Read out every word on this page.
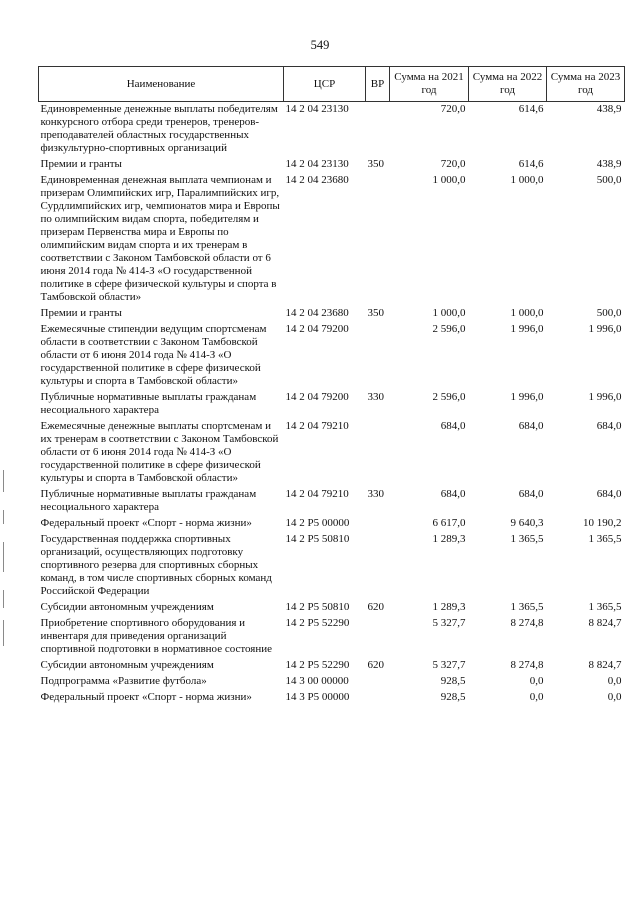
549
Наименование	ЦСР	ВР	Сумма на 2021 год	Сумма на 2022 год	Сумма на 2023 год
Единовременные денежные выплаты победителям конкурсного отбора среди тренеров, тренеров-преподавателей областных государственных физкультурно-спортивных организаций	14 2 04 23130		720,0	614,6	438,9
Премии и гранты	14 2 04 23130	350	720,0	614,6	438,9
Единовременная денежная выплата чемпионам и призерам Олимпийских игр, Паралимпийских игр, Сурдлимпийских игр, чемпионатов мира и Европы по олимпийским видам спорта, победителям и призерам Первенства мира и Европы по олимпийским видам спорта и их тренерам в соответствии с Законом Тамбовской области от 6 июня 2014 года № 414-З «О государственной политике в сфере физической культуры и спорта в Тамбовской области»	14 2 04 23680		1 000,0	1 000,0	500,0
Премии и гранты	14 2 04 23680	350	1 000,0	1 000,0	500,0
Ежемесячные стипендии ведущим спортсменам области в соответствии с Законом Тамбовской области от 6 июня 2014 года № 414-З «О государственной политике в сфере физической культуры и спорта в Тамбовской области»	14 2 04 79200		2 596,0	1 996,0	1 996,0
Публичные нормативные выплаты гражданам несоциального характера	14 2 04 79200	330	2 596,0	1 996,0	1 996,0
Ежемесячные денежные выплаты спортсменам и их тренерам в соответствии с Законом Тамбовской области от 6 июня 2014 года № 414-З «О государственной политике в сфере физической культуры и спорта в Тамбовской области»	14 2 04 79210		684,0	684,0	684,0
Публичные нормативные выплаты гражданам несоциального характера	14 2 04 79210	330	684,0	684,0	684,0
Федеральный проект «Спорт - норма жизни»	14 2 P5 00000		6 617,0	9 640,3	10 190,2
Государственная поддержка спортивных организаций, осуществляющих подготовку спортивного резерва для спортивных сборных команд, в том числе спортивных сборных команд Российской Федерации	14 2 P5 50810		1 289,3	1 365,5	1 365,5
Субсидии автономным учреждениям	14 2 P5 50810	620	1 289,3	1 365,5	1 365,5
Приобретение спортивного оборудования и инвентаря для приведения организаций спортивной подготовки в нормативное состояние	14 2 P5 52290		5 327,7	8 274,8	8 824,7
Субсидии автономным учреждениям	14 2 P5 52290	620	5 327,7	8 274,8	8 824,7
Подпрограмма «Развитие футбола»	14 3 00 00000		928,5	0,0	0,0
Федеральный проект «Спорт - норма жизни»	14 3 P5 00000		928,5	0,0	0,0
